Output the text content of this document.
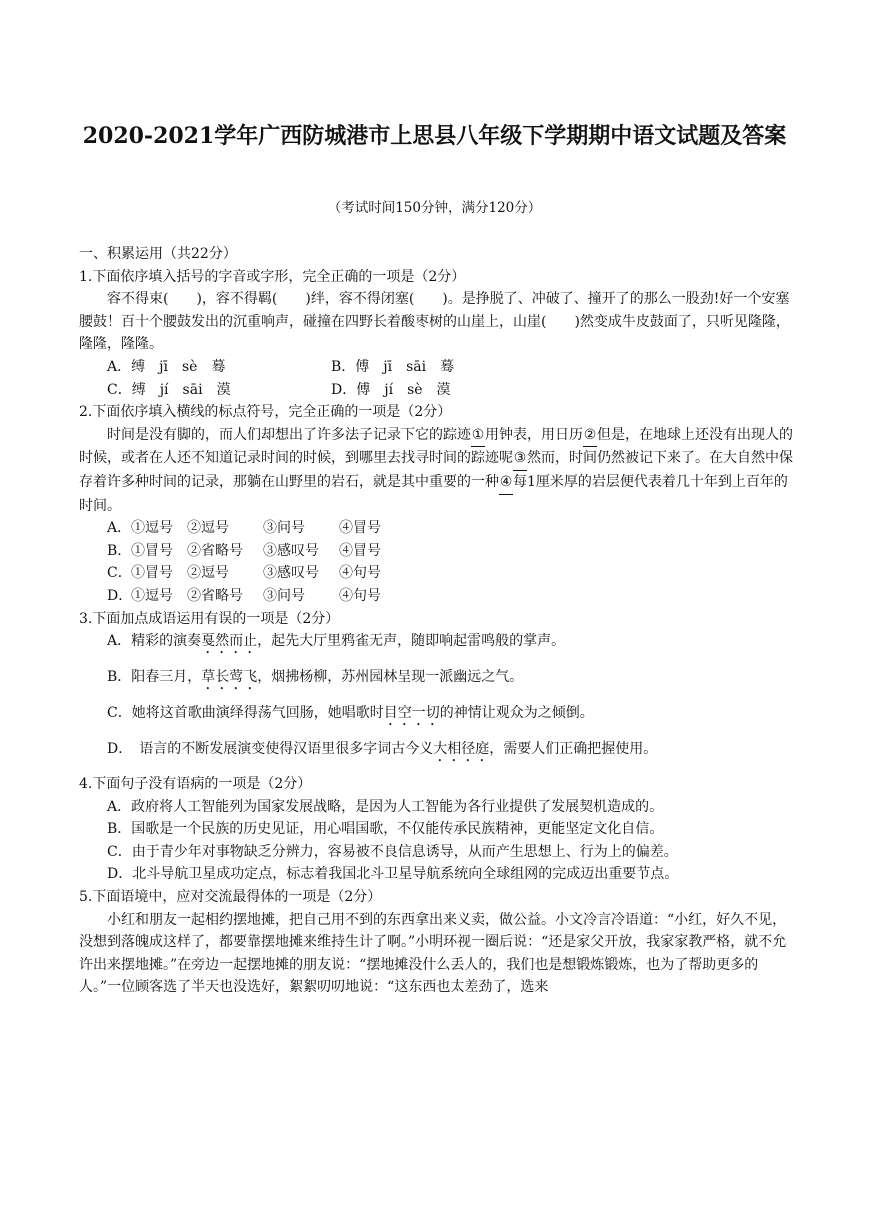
2020-2021学年广西防城港市上思县八年级下学期期中语文试题及答案
（考试时间150分钟，满分120分）

一、积累运用（共22分）

1.下面依序填入括号的字音或字形，完全正确的一项是（2分）

容不得束(　　)，容不得羁(　　)绊，容不得闭塞(　　)。是挣脱了、冲破了、撞开了的那么一股劲!好一个安塞腰鼓！百十个腰鼓发出的沉重响声，碰撞在四野长着酸枣树的山崖上，山崖(　　)然变成牛皮鼓面了，只听见隆隆，隆隆，隆隆。

A．缚　 jī　 sè　 蓦	B．傅　 jī　 sāi　 蓦
C．缚　 jí　 sāi　 漠	D．傅　 jí　 sè　 漠

2.下面依序填入横线的标点符号，完全正确的一项是（2分）

时间是没有脚的，而人们却想出了许多法子记录下它的踪迹①用钟表，用日历②但是，在地球上还没有出现人的时候，或者在人还不知道记录时间的时候，到哪里去找寻时间的踪迹呢③然而，时间仍然被记下来了。在大自然中保存着许多种时间的记录，那躺在山野里的岩石，就是其中重要的一种④每1厘米厚的岩层便代表着几十年到上百年的时间。

A． ①逗号	②逗号	③问号	④冒号
B． ①冒号	②省略号	③感叹号	④冒号
C． ①冒号	②逗号	③感叹号	④句号
D．
①逗号	②省略号	③问号	④句号

3.下面加点成语运用有误的一项是（2分）

A．精彩的演奏戛然而止，起先大厅里鸦雀无声，随即响起雷鸣般的掌声。

B．阳春三月，草长莺飞，烟拂杨柳，苏州园林呈现一派幽远之气。

C．她将这首歌曲演绎得荡气回肠，她唱歌时目空一切的神情让观众为之倾倒。

D．　语言的不断发展演变使得汉语里很多字词古今义大相径庭，需要人们正确把握使用。

4.下面句子没有语病的一项是（2分）

A．政府将人工智能列为国家发展战略，是因为人工智能为各行业提供了发展契机造成的。

B．国歌是一个民族的历史见证，用心唱国歌，不仅能传承民族精神，更能坚定文化自信。

C．由于青少年对事物缺乏分辨力，容易被不良信息诱导，从而产生思想上、行为上的偏差。

D．北斗导航卫星成功定点，标志着我国北斗卫星导航系统向全球组网的完成迈出重要节点。

5.下面语境中，应对交流最得体的一项是（2分）

小红和朋友一起相约摆地摊，把自己用不到的东西拿出来义卖，做公益。小文冷言冷语道：“小红，好久不见，没想到落魄成这样了，都要靠摆地摊来维持生计了啊。”小明环视一圈后说：“还是家父开放，我家家教严格，就不允许出来摆地摊。”在旁边一起摆地摊的朋友说：“摆地摊没什么丢人的，我们也是想锻炼锻炼，也为了帮助更多的人。”一位顾客选了半天也没选好，絮絮叨叨地说：“这东西也太差劲了，选来
